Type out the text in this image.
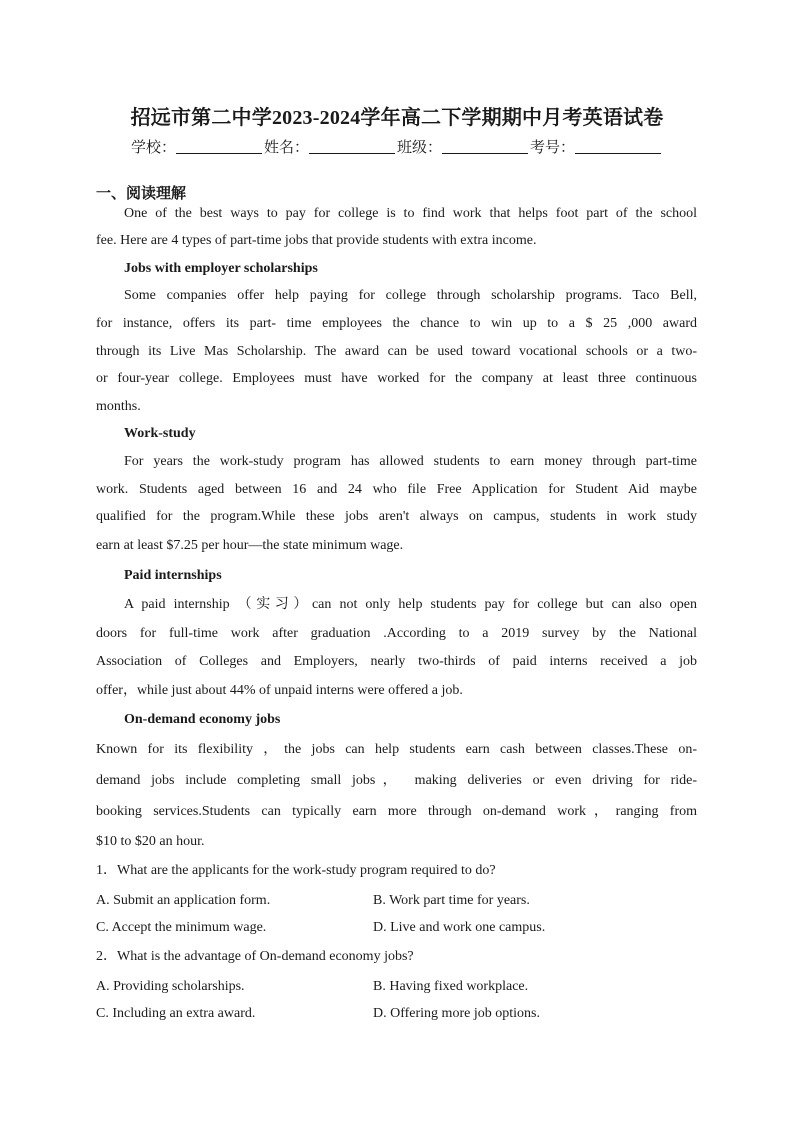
招远市第二中学2023-2024学年高二下学期期中月考英语试卷
学校：	姓名：	班级：	考号：
一、阅读理解
One of the best ways to pay for college is to find work that helps foot part of the school
fee. Here are 4 types of part-time jobs that provide students with extra income.
Jobs with employer scholarships
Some companies offer help paying for college through scholarship programs. Taco Bell,
for instance, offers its part- time employees the chance to win up to a $ 25 ,000 award
through its Live Mas Scholarship. The award can be used toward vocational schools or a two-
or four-year college. Employees must have worked for the company at least three continuous
months.
Work-study
For years the work-study program has allowed students to earn money through part-time
work. Students aged between 16 and 24 who file Free Application for Student Aid maybe
qualified for the program.While these jobs aren't always on campus, students in work study
earn at least $7.25 per hour—the state minimum wage.
Paid internships
A paid internship （实习）can not only help students pay for college but can also open
doors for full-time work after graduation .According to a 2019 survey by the National
Association of Colleges and Employers, nearly two-thirds of paid interns received a job
offer，while just about 44% of unpaid interns were offered a job.
On-demand economy jobs
Known for its flexibility ，the jobs can help students earn cash between classes.These on-
demand jobs include completing small jobs， making deliveries or even driving for ride-
booking services.Students can typically earn more through on-demand work，ranging from
$10 to $20 an hour.
1．What are the applicants for the work-study program required to do?
A. Submit an application form.	B. Work part time for years.
C. Accept the minimum wage.	D. Live and work one campus.
2．What is the advantage of On-demand economy jobs?
A. Providing scholarships.	B. Having fixed workplace.
C. Including an extra award.	D. Offering more job options.
